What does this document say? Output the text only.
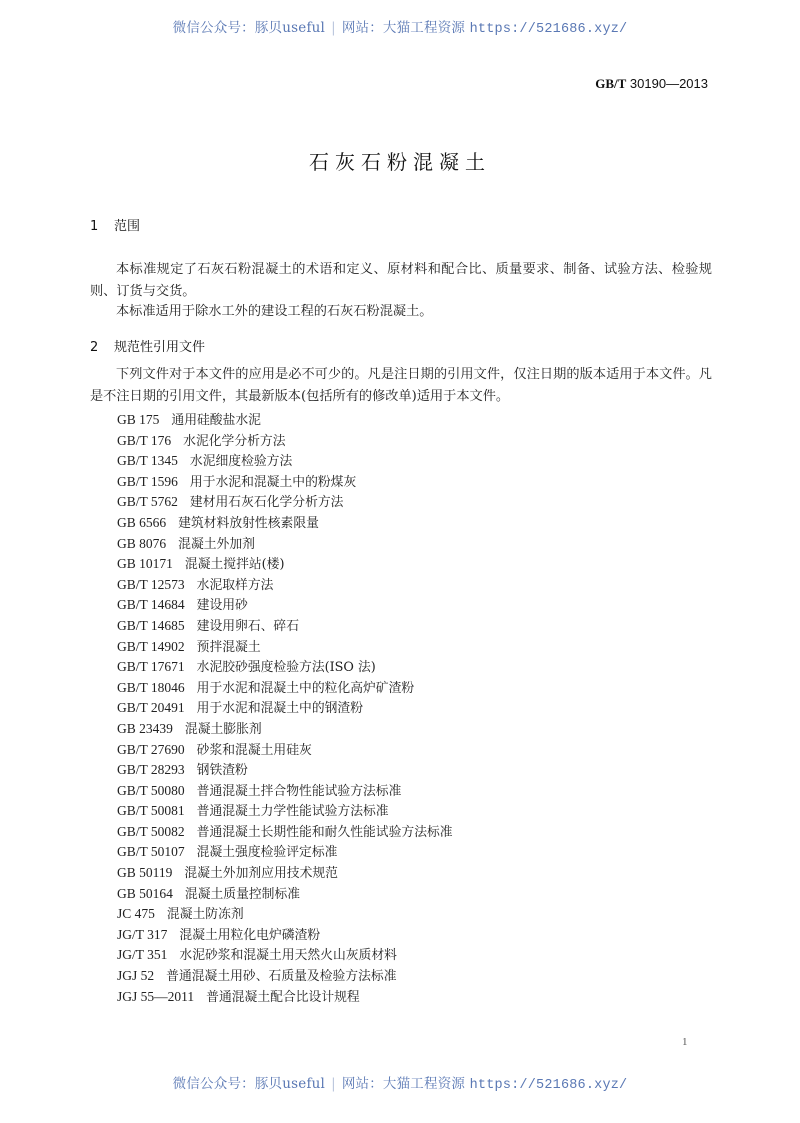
微信公众号：豚贝useful | 网站：大猫工程资源 https://521686.xyz/
GB/T 30190—2013
石灰石粉混凝土
1 范围
本标准规定了石灰石粉混凝土的术语和定义、原材料和配合比、质量要求、制备、试验方法、检验规则、订货与交货。
本标准适用于除水工外的建设工程的石灰石粉混凝土。
2 规范性引用文件
下列文件对于本文件的应用是必不可少的。凡是注日期的引用文件，仅注日期的版本适用于本文件。凡是不注日期的引用文件，其最新版本(包括所有的修改单)适用于本文件。
GB 175 通用硅酸盐水泥
GB/T 176 水泥化学分析方法
GB/T 1345 水泥细度检验方法
GB/T 1596 用于水泥和混凝土中的粉煤灰
GB/T 5762 建材用石灰石化学分析方法
GB 6566 建筑材料放射性核素限量
GB 8076 混凝土外加剂
GB 10171 混凝土搅拌站(楼)
GB/T 12573 水泥取样方法
GB/T 14684 建设用砂
GB/T 14685 建设用卵石、碎石
GB/T 14902 预拌混凝土
GB/T 17671 水泥胶砂强度检验方法(ISO 法)
GB/T 18046 用于水泥和混凝土中的粒化高炉矿渣粉
GB/T 20491 用于水泥和混凝土中的钢渣粉
GB 23439 混凝土膨胀剂
GB/T 27690 砂浆和混凝土用硅灰
GB/T 28293 钢铁渣粉
GB/T 50080 普通混凝土拌合物性能试验方法标准
GB/T 50081 普通混凝土力学性能试验方法标准
GB/T 50082 普通混凝土长期性能和耐久性能试验方法标准
GB/T 50107 混凝土强度检验评定标准
GB 50119 混凝土外加剂应用技术规范
GB 50164 混凝土质量控制标准
JC 475 混凝土防冻剂
JG/T 317 混凝土用粒化电炉磷渣粉
JG/T 351 水泥砂浆和混凝土用天然火山灰质材料
JGJ 52 普通混凝土用砂、石质量及检验方法标准
JGJ 55—2011 普通混凝土配合比设计规程
1
微信公众号：豚贝useful | 网站：大猫工程资源 https://521686.xyz/
